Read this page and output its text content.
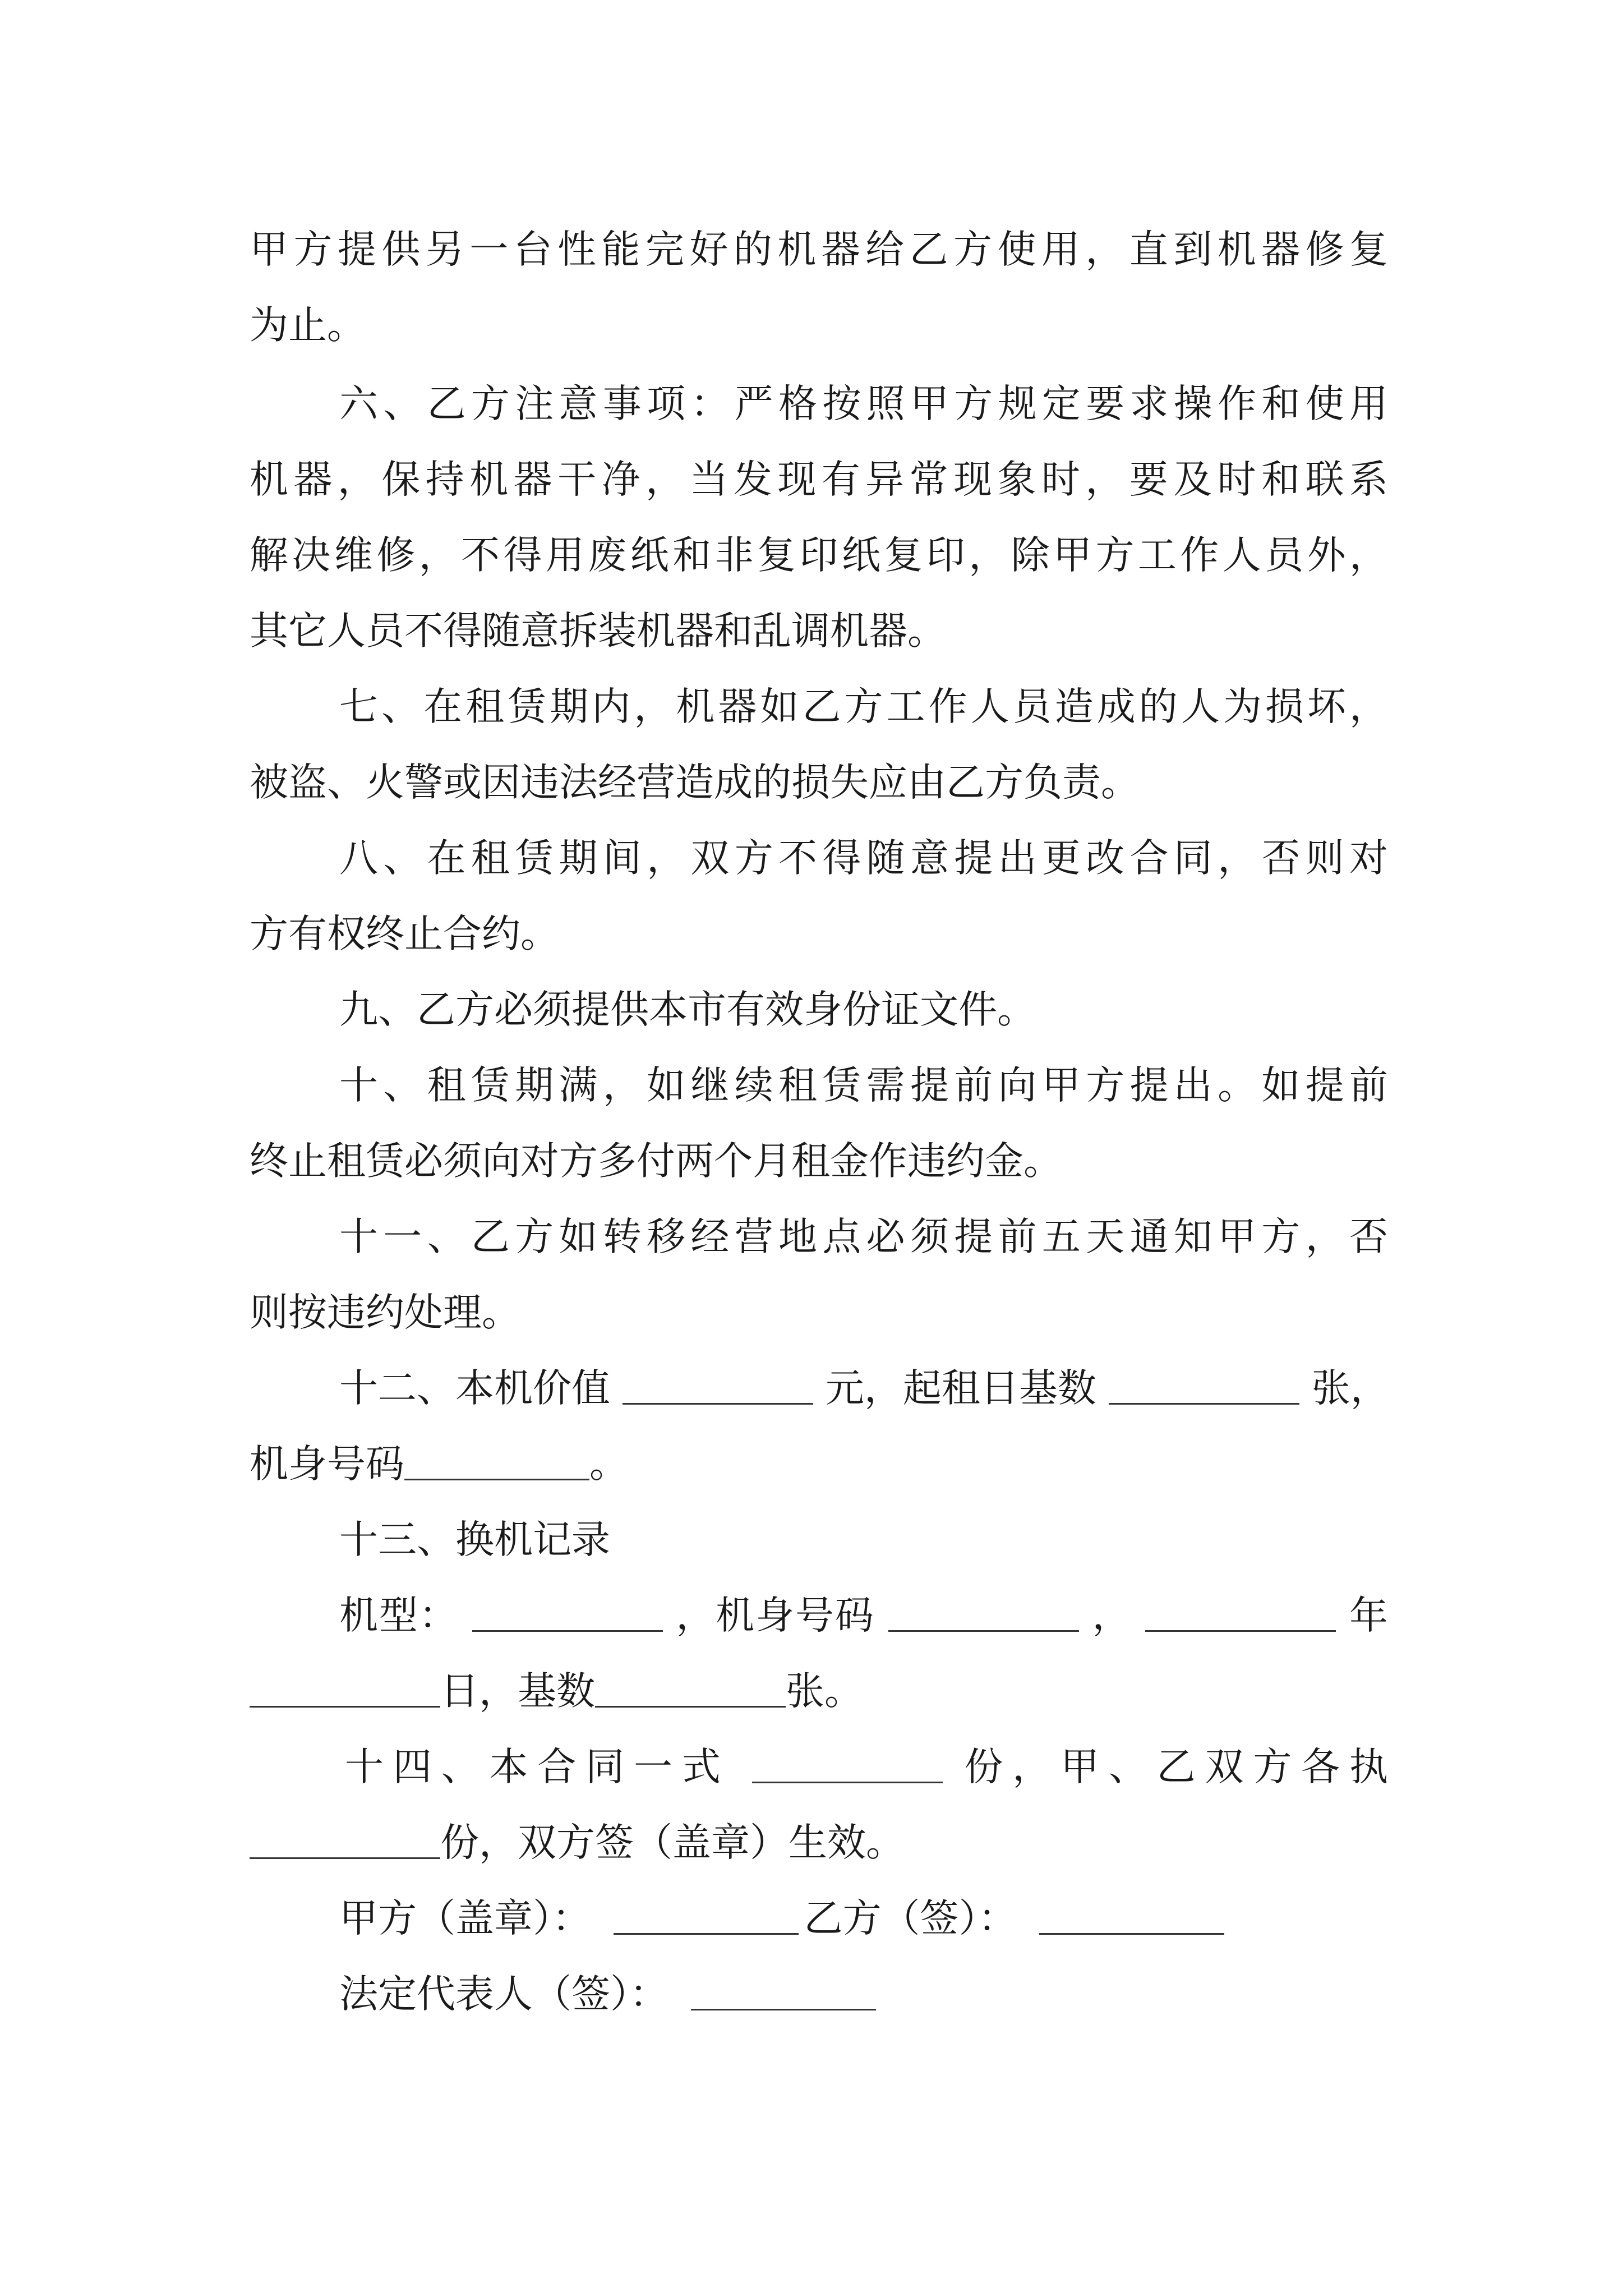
甲方提供另一台性能完好的机器给乙方使用，直到机器修复
为止。
六、乙方注意事项：严格按照甲方规定要求操作和使用
机器，保持机器干净，当发现有异常现象时，要及时和联系
解决维修，不得用废纸和非复印纸复印，除甲方工作人员外，
其它人员不得随意拆装机器和乱调机器。
七、在租赁期内，机器如乙方工作人员造成的人为损坏，
被盗、火警或因违法经营造成的损失应由乙方负责。
八、在租赁期间，双方不得随意提出更改合同，否则对
方有权终止合约。
九、乙方必须提供本市有效身份证文件。
十、租赁期满，如继续租赁需提前向甲方提出。如提前
终止租赁必须向对方多付两个月租金作违约金。
十一、乙方如转移经营地点必须提前五天通知甲方，否
则按违约处理。
十二、本机价值	元，起租日基数	张，
机身号码	。
十三、换机记录
机型：	，机身号码	，	年
日，基数	张。
十四、本合同一式	份，甲、乙双方各执
份，双方签（盖章）生效。
甲方（盖章）：	乙方（签）：
法定代表人（签）：
